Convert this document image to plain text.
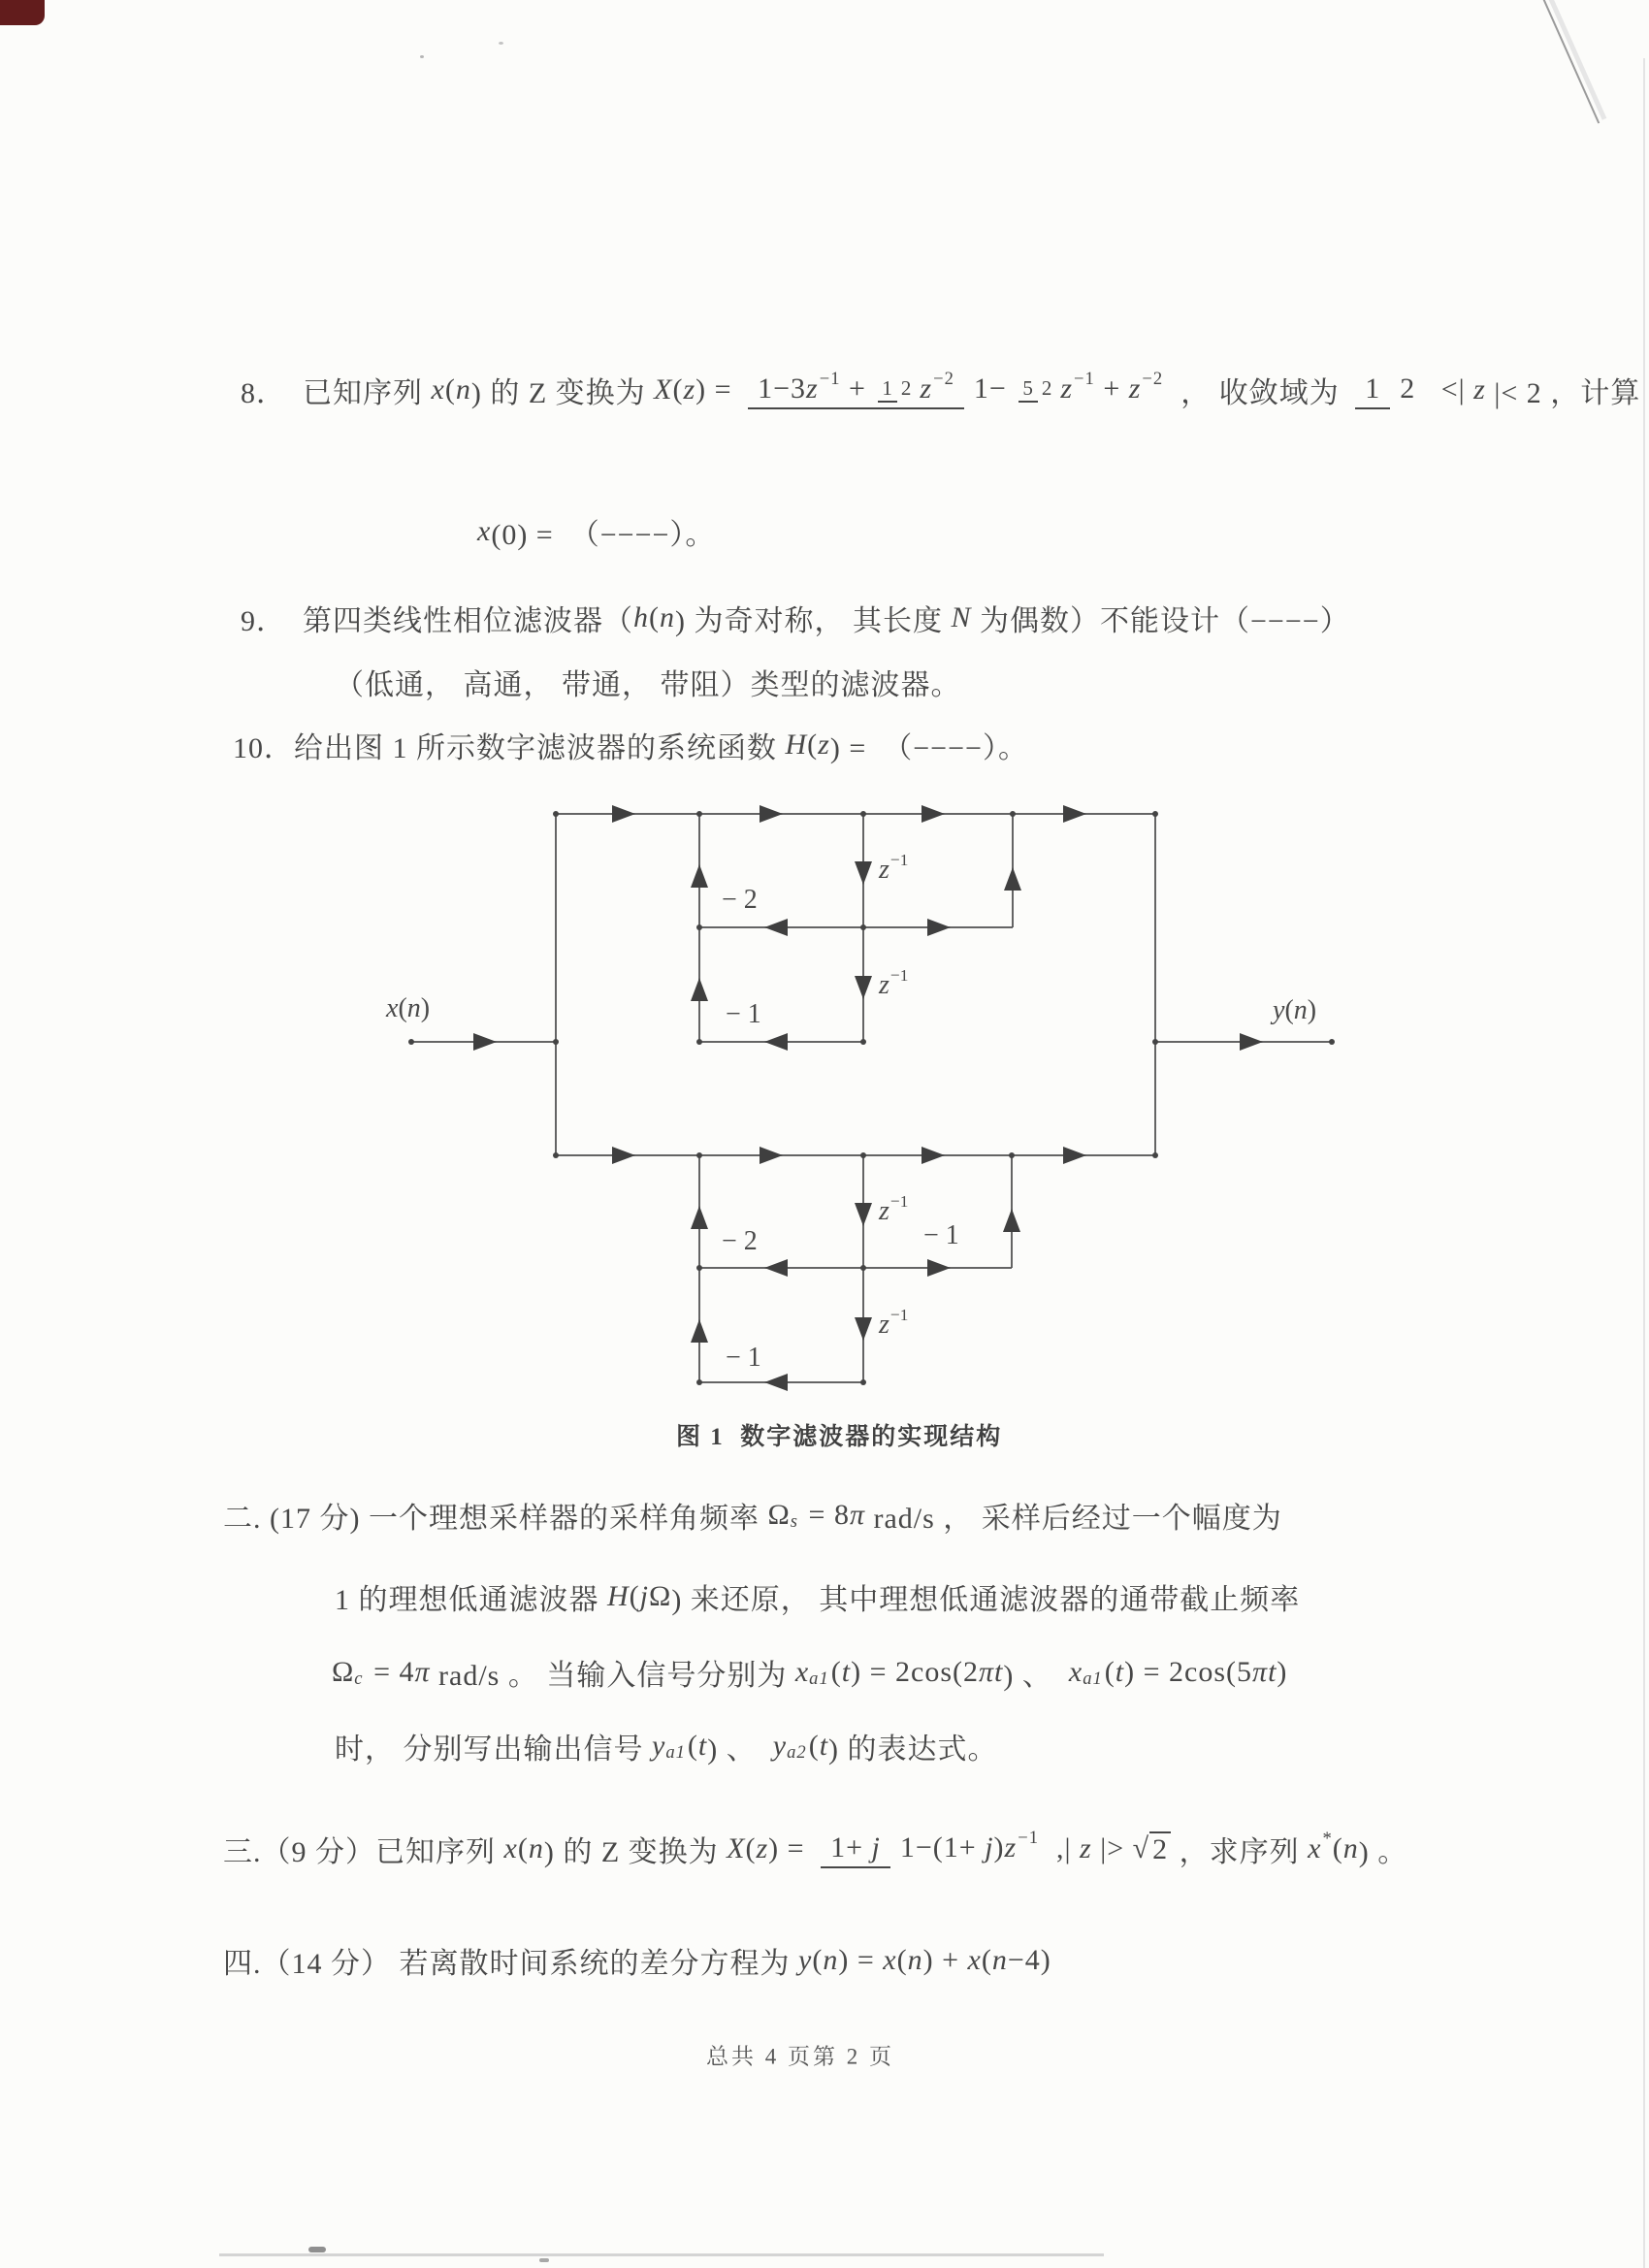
x ( n )	y ( n )
z −1
z −1
z −1
z −1
− 2
− 1
− 2
− 1
− 1
8．  已知序列 x ( n ) 的 Z 变换为 X ( z ) = 1−3 z −1 + 1 2 z −2 1− 5 2 z −1 + z −2 ， 收敛域为 1 2 <| z |< 2 ，计算
x (0) =  （−−−−）。
9．  第四类线性相位滤波器（ h ( n ) 为奇对称， 其长度 N 为偶数）不能设计（−−−−）
（低通， 高通， 带通， 带阻）类型的滤波器。
10．给出图 1 所示数字滤波器的系统函数 H ( z ) =  （−−−−）。
二. (17 分) 一个理想采样器的采样角频率 Ω s = 8 π rad/s ， 采样后经过一个幅度为
1 的理想低通滤波器 H ( j Ω ) 来还原， 其中理想低通滤波器的通带截止频率
Ω c = 4 π rad/s 。 当输入信号分别为 x a1 ( t ) = 2cos(2 π t ) 、 x a1 ( t ) = 2cos(5 π t )
时， 分别写出输出信号 y a1 ( t ) 、 y a2 ( t ) 的表达式。
三.（9 分）已知序列 x ( n ) 的 Z 变换为 X ( z ) = 1+ j 1−(1+ j ) z −1 ,| z |> √ 2 ，求序列 x * ( n ) 。
四.（14 分） 若离散时间系统的差分方程为 y ( n ) = x ( n ) + x ( n −4)
图 1  数字滤波器的实现结构
总共 4 页第 2 页
